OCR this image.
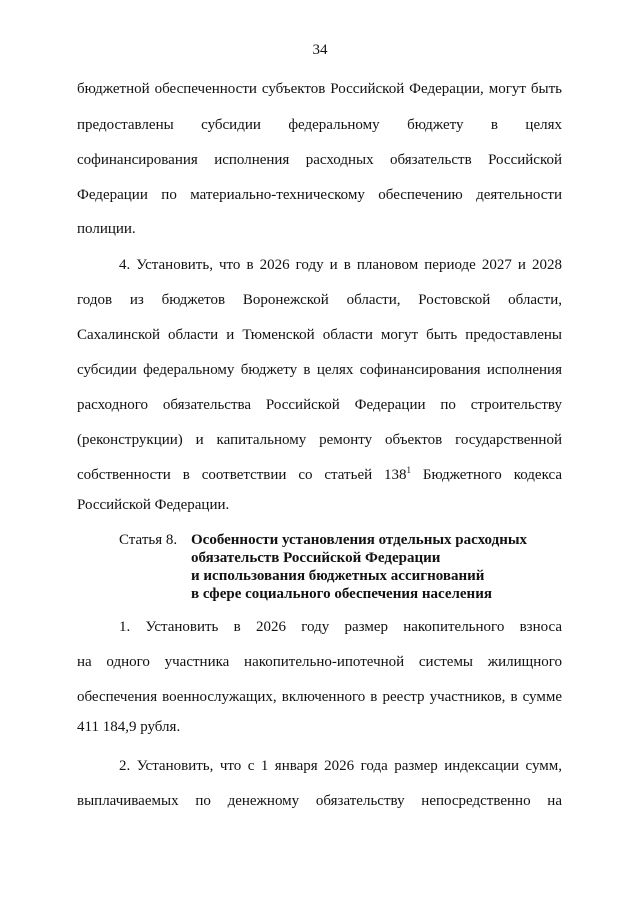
34
бюджетной обеспеченности субъектов Российской Федерации, могут быть
предоставлены субсидии федеральному бюджету в целях
софинансирования исполнения расходных обязательств Российской
Федерации по материально-техническому обеспечению деятельности
полиции.
4. Установить, что в 2026 году и в плановом периоде 2027 и 2028
годов из бюджетов Воронежской области, Ростовской области,
Сахалинской области и Тюменской области могут быть предоставлены
субсидии федеральному бюджету в целях софинансирования исполнения
расходного обязательства Российской Федерации по строительству
(реконструкции) и капитальному ремонту объектов государственной
собственности в соответствии со статьей $138^1$ Бюджетного кодекса
Российской Федерации.
Статья 8. Особенности установления отдельных расходных
обязательств Российской Федерации
и использования бюджетных ассигнований
в сфере социального обеспечения населения
1. Установить в 2026 году размер накопительного взноса
на одного участника накопительно-ипотечной системы жилищного
обеспечения военнослужащих, включенного в реестр участников, в сумме
411 184,9 рубля.
2. Установить, что с 1 января 2026 года размер индексации сумм,
выплачиваемых по денежному обязательству непосредственно на
